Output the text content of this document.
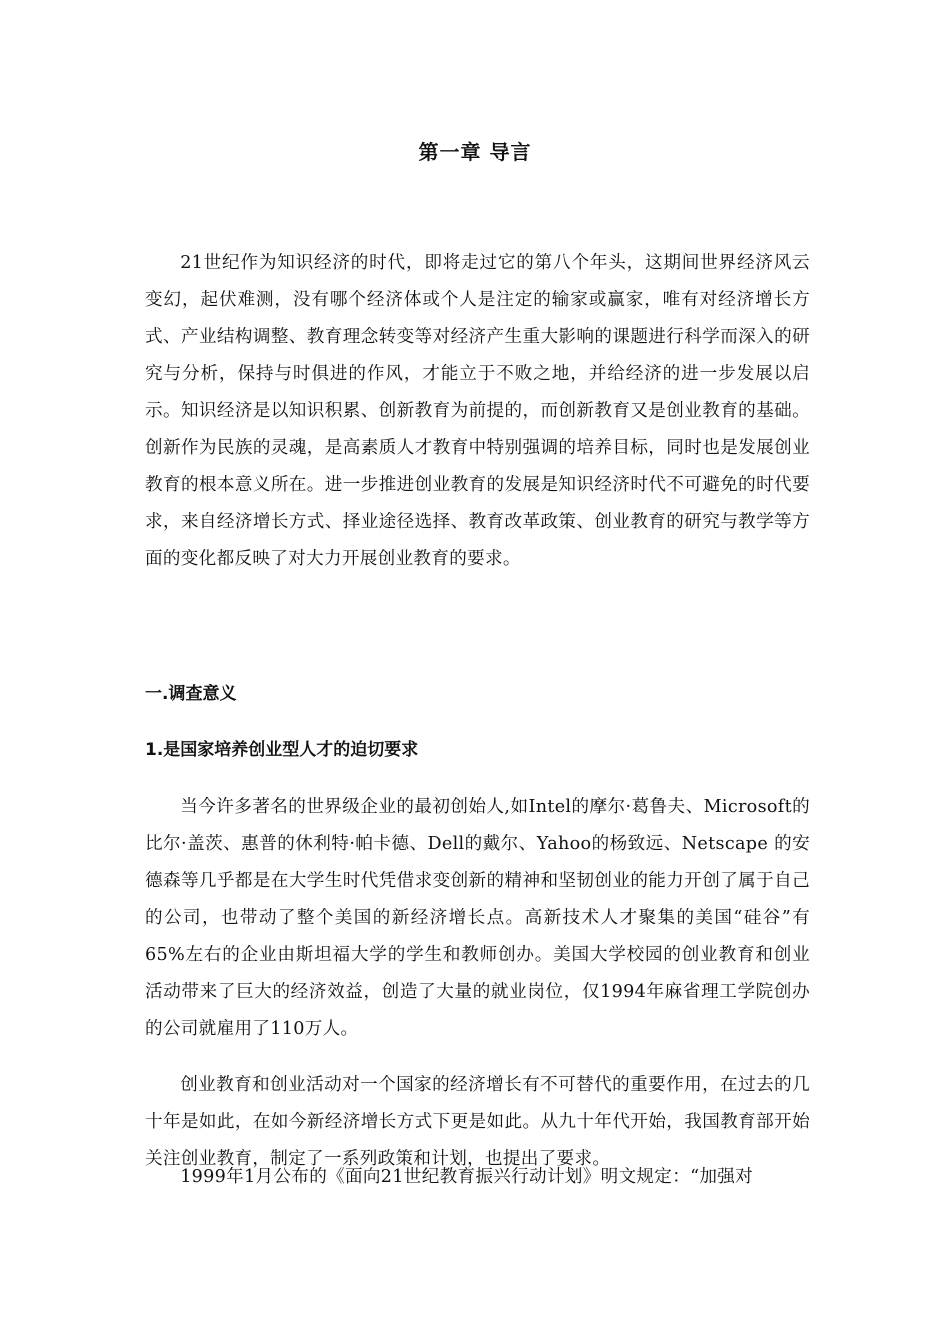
第一章 导言

21世纪作为知识经济的时代，即将走过它的第八个年头，这期间世界经济风云变幻，起伏难测，没有哪个经济体或个人是注定的输家或赢家，唯有对经济增长方式、产业结构调整、教育理念转变等对经济产生重大影响的课题进行科学而深入的研究与分析，保持与时俱进的作风，才能立于不败之地，并给经济的进一步发展以启示。知识经济是以知识积累、创新教育为前提的，而创新教育又是创业教育的基础。创新作为民族的灵魂，是高素质人才教育中特别强调的培养目标，同时也是发展创业教育的根本意义所在。进一步推进创业教育的发展是知识经济时代不可避免的时代要求，来自经济增长方式、择业途径选择、教育改革政策、创业教育的研究与教学等方面的变化都反映了对大力开展创业教育的要求。

一.调查意义
1.是国家培养创业型人才的迫切要求

当今许多著名的世界级企业的最初创始人,如Intel的摩尔·葛鲁夫、Microsoft的比尔·盖茨、惠普的休利特·帕卡德、Dell的戴尔、Yahoo的杨致远、Netscape 的安德森等几乎都是在大学生时代凭借求变创新的精神和坚韧创业的能力开创了属于自己的公司，也带动了整个美国的新经济增长点。高新技术人才聚集的美国“硅谷”有65%左右的企业由斯坦福大学的学生和教师创办。美国大学校园的创业教育和创业活动带来了巨大的经济效益，创造了大量的就业岗位，仅1994年麻省理工学院创办的公司就雇用了110万人。

创业教育和创业活动对一个国家的经济增长有不可替代的重要作用，在过去的几十年是如此，在如今新经济增长方式下更是如此。从九十年代开始，我国教育部开始关注创业教育，制定了一系列政策和计划，也提出了要求。

1999年1月公布的《面向21世纪教育振兴行动计划》明文规定：“加强对
